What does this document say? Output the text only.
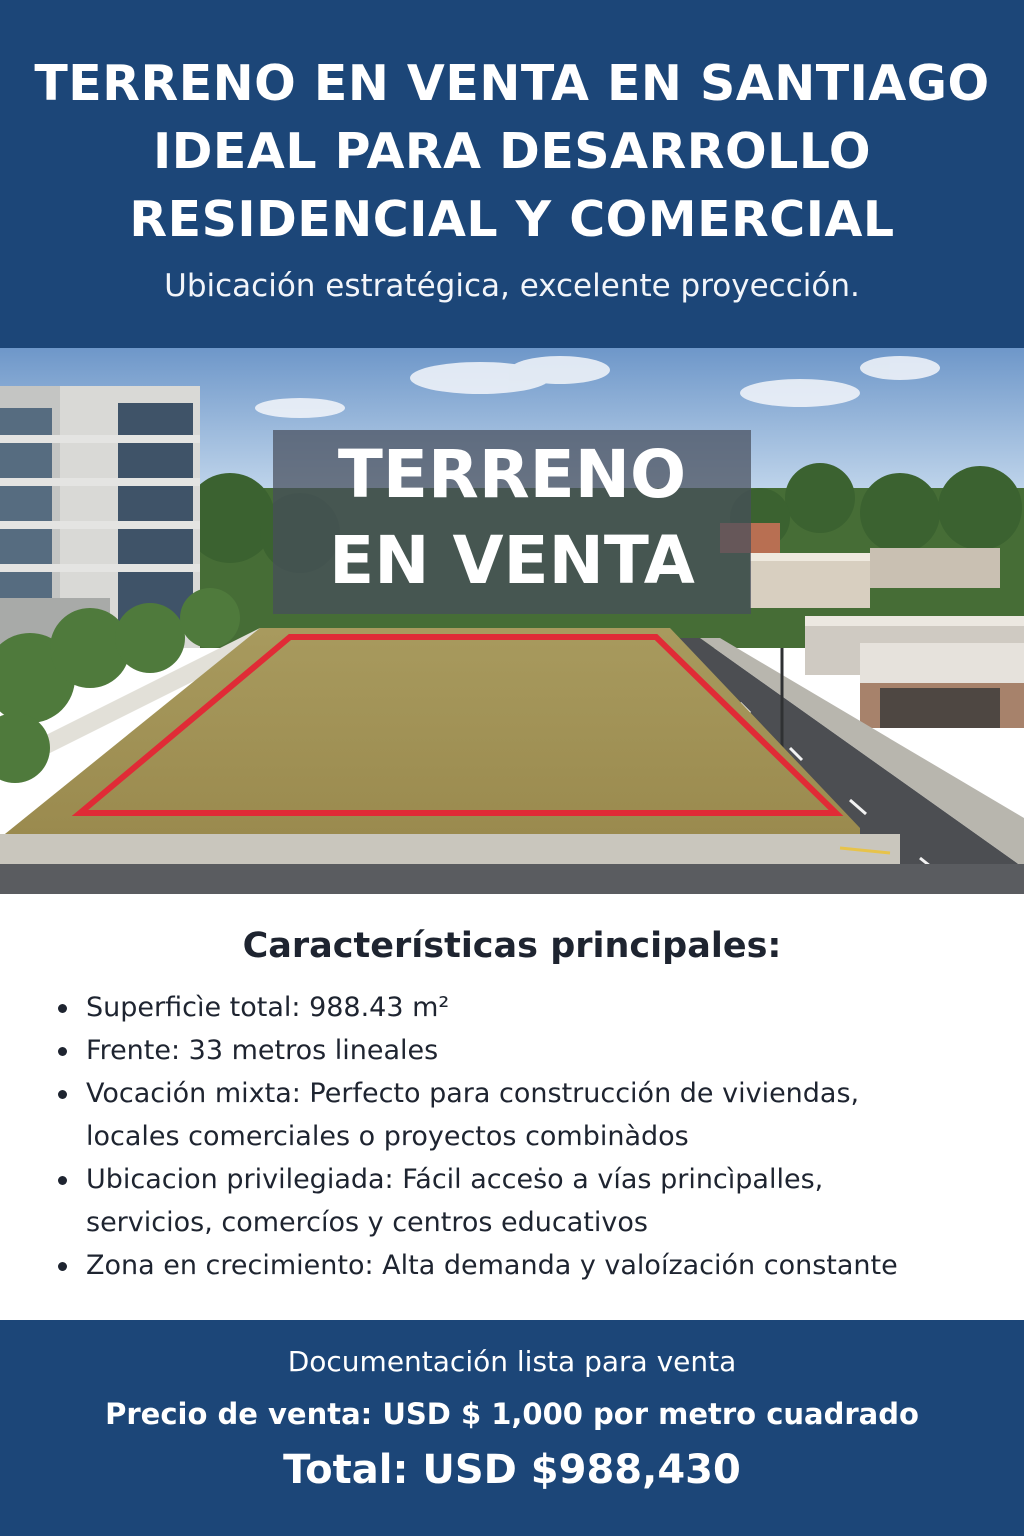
TERRENO EN VENTA EN SANTIAGO
IDEAL PARA DESARROLLO
RESIDENCIAL Y COMERCIAL
Ubicación estratégica, excelente proyección.
TERRENO
EN VENTA
Características principales:
Superficìe total: 988.43 m²
Frente: 33 metros lineales
Vocación mixta: Perfecto para construcción de viviendas,
locales comerciales o proyectos combinàdos
Ubicacion privilegiada: Fácil acceṡo a vías princìpalles,
servicios, comercíos y centros educativos
Zona en crecimiento: Alta demanda y valoízación constante
Documentación lista para venta
Precio de venta: USD $ 1,000 por metro cuadrado
Total: USD $988,430
